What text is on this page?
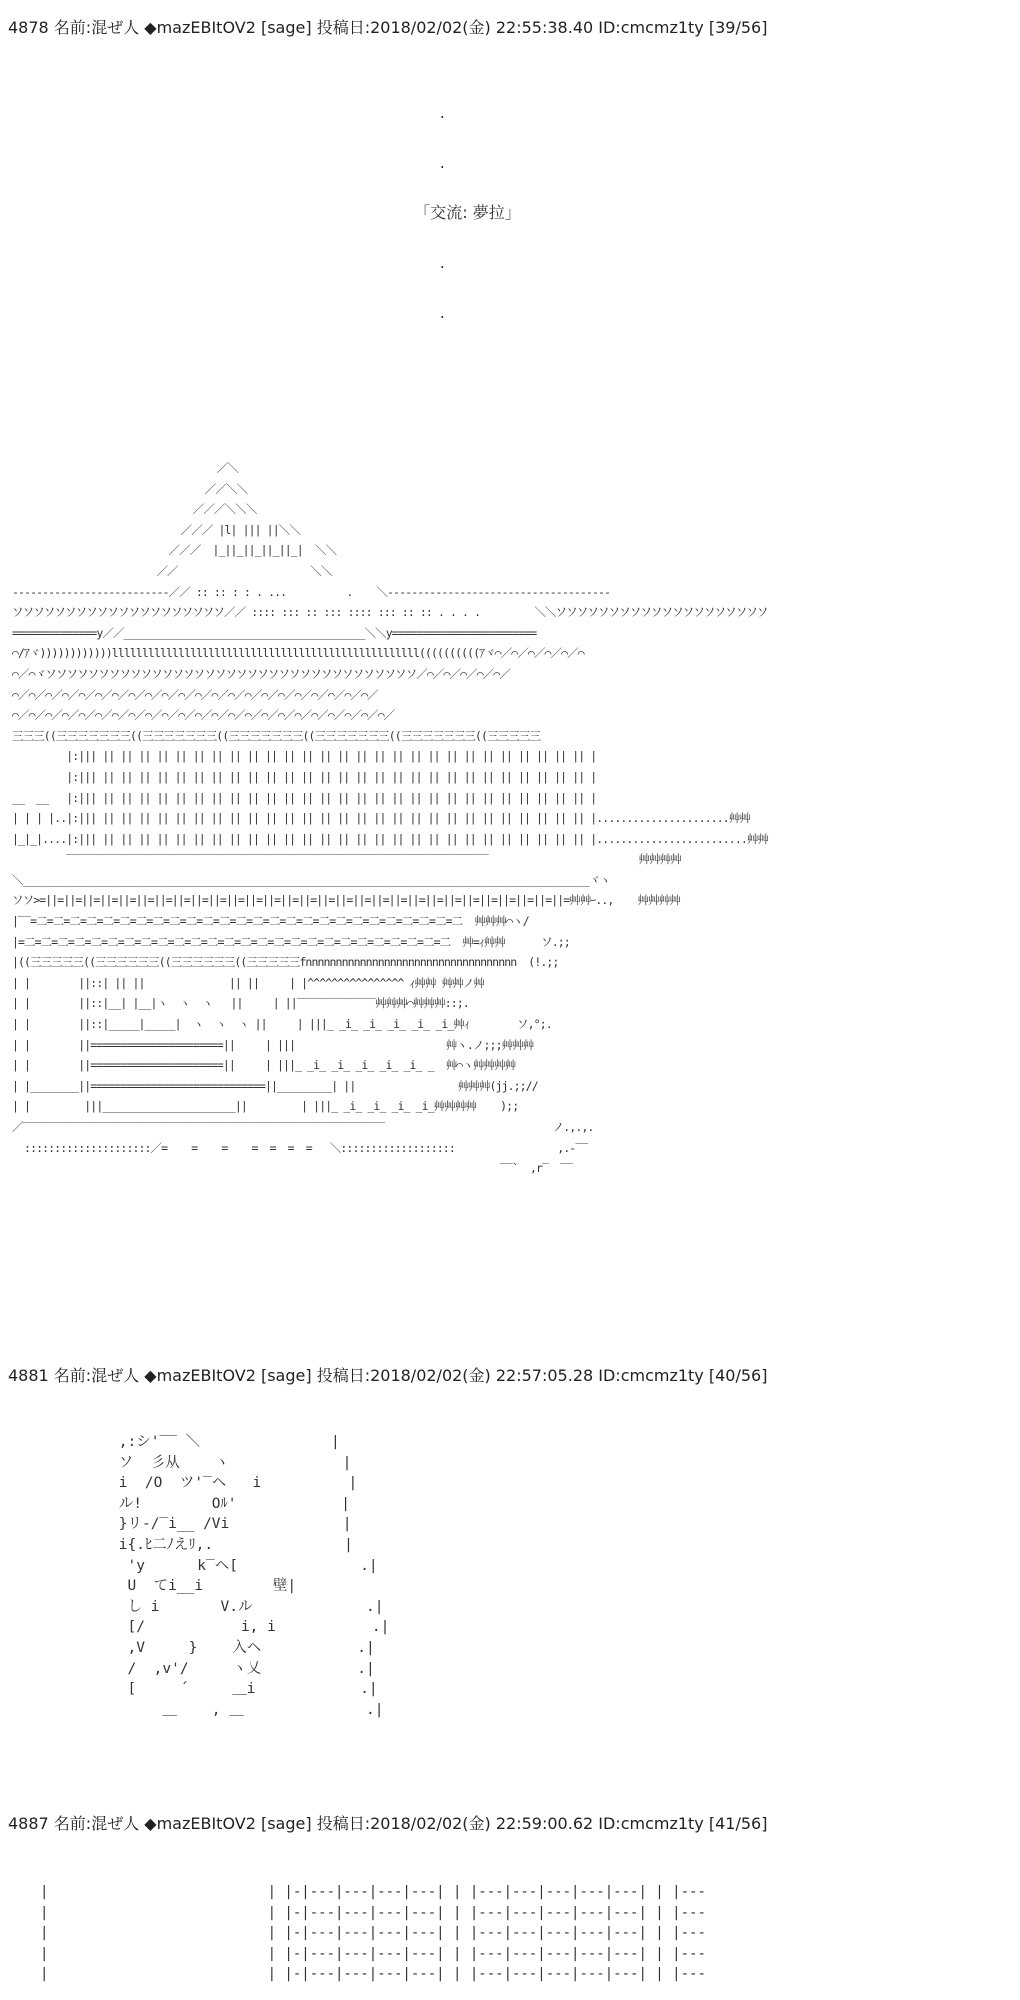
4878 名前:混ぜ人 ◆mazEBItOV2 [sage] 投稿日:2018/02/02(金) 22:55:38.40 ID:cmcmz1ty [39/56]
.

.

「交流: 夢拉」

.

.
／＼
／／＼＼
／／／＼＼＼
／／／ |l| ||| ||＼＼
／／／  |_||_||_||_||_|  ＼＼
／／                      ＼＼
--------------------------／／ :: :: : : . ...          .    ＼-------------------------------------
ソソソソソソソソソソソソソソソソソソソソ／／ :::: ::: :: ::: :::: ::: :: :: . . . .         ＼＼ソソソソソソソソソソソソソソソソソソソソ
==============y／／________________________________________＼＼y========================
⌒/ｱヾ))))))))))))lllllllllllllllllllllllllllllllllllllllllllllllllll((((((((((ｱヾ⌒／⌒／⌒／⌒／⌒／⌒
⌒／⌒ヾソソソソソソソソソソソソソソソソソソソソソソソソソソソソソソソソソソソ／⌒／⌒／⌒／⌒／⌒／
⌒／⌒／⌒／⌒／⌒／⌒／⌒／⌒／⌒／⌒／⌒／⌒／⌒／⌒／⌒／⌒／⌒／⌒／⌒／⌒／⌒／⌒／
⌒／⌒／⌒／⌒／⌒／⌒／⌒／⌒／⌒／⌒／⌒／⌒／⌒／⌒／⌒／⌒／⌒／⌒／⌒／⌒／⌒／⌒／⌒／
三三三((三三三三三三三((三三三三三三三((三三三三三三三((三三三三三三三((三三三三三三三((三三三三三
|:||| || || || || || || || || || || || || || || || || || || || || || || || || || || || |
|:||| || || || || || || || || || || || || || || || || || || || || || || || || || || || |
__  __   |:||| || || || || || || || || || || || || || || || || || || || || || || || || || || || |
| | | |..|:||| || || || || || || || || || || || || || || || || || || || || || || || || || || || |......................艸艸
|_|_|....|:||| || || || || || || || || || || || || || || || || || || || || || || || || || || || |.........................艸艸
‾‾‾‾‾‾‾‾‾‾‾‾‾‾‾‾‾‾‾‾‾‾‾‾‾‾‾‾‾‾‾‾‾‾‾‾‾‾‾‾‾‾‾‾‾‾‾‾‾‾‾‾‾‾‾‾‾‾‾‾‾‾‾‾‾‾‾‾‾‾                         艸艸艸艸
＼______________________________________________________________________________________________ヾヽ
ソソ>=||=||=||=||=||=||=||=||=||=||=||=||=||=||=||=||=||=||=||=||=||=||=||=||=||=||=||=||=||=艸艸ｰ..,    艸艸艸艸
|‾‾=二=二=二=二=二=二=二=二=二=二=二=二=二=二=二=二=二=二=二=二=二=二=二=二=二=二  艸艸艸⌒ヽ/
|=二=二=二=二=二=二=二=二=二=二=二=二=二=二=二=二=二=二=二=二=二=二=二=二=二=二  艸=ｨ艸艸      ソ.;;
|((三三三三三((三三三三三三((三三三三三三((三三三三三fnnnnnnnnnnnnnnnnnnnnnnnnnnnnnnnnnnn  (!.;;
| |        ||::| || ||              || ||     | |^^^^^^^^^^^^^^^^ ｨ艸艸 艸艸ノ艸
| |        ||::|__| |__|ヽ  ヽ  ヽ   ||     | ||‾‾‾‾‾‾‾‾‾‾‾‾‾艸艸艸⌒艸艸艸::;.
| |        ||::|_____|_____|  ヽ  ヽ  ヽ ||     | |||_ _i_ _i_ _i_ _i_ _i_艸ｨ        ソ,°;.
| |        ||======================||     | |||                         艸ヽ.ノ;;;艸艸艸
| |        ||======================||     | |||_ _i_ _i_ _i_ _i_ _i_ _  艸⌒ヽ艸艸艸艸
| |________||=============================||_________| ||                 艸艸艸(jj.;;//
| |         |||______________________||         | |||_ _i_ _i_ _i_ _i_艸艸艸艸    );;
／‾‾‾‾‾‾‾‾‾‾‾‾‾‾‾‾‾‾‾‾‾‾‾‾‾‾‾‾‾‾‾‾‾‾‾‾‾‾‾‾‾‾‾‾‾‾‾‾‾‾‾‾‾‾‾‾‾‾‾‾                            ノ.,.,.
:::::::::::::::::::::／=    =    =    =  =  =  =   ＼:::::::::::::::::::                 ,.-‾‾
‾‾`  ,r‾  ‾‾
4881 名前:混ぜ人 ◆mazEBItOV2 [sage] 投稿日:2018/02/02(金) 22:57:05.28 ID:cmcmz1ty [40/56]
,:シ'‾‾ ＼               |
ソ  彡从    ヽ             |
i  /O  ツ'‾ヘ   i          |
ル!        Oﾙ'            |
}リ-/‾i__ /Vi             |
i{.ﾋ二ﾉえﾘ,.               |
'y      k‾ヘ[              .|
U  てi__i        壁|
し i       V.ル             .|
[/           i, i           .|
,V     }    入ヘ           .|
/  ,v'/     ヽ乂           .|
[     ´     ＿i            .|
＿    , ＿              .|
4887 名前:混ぜ人 ◆mazEBItOV2 [sage] 投稿日:2018/02/02(金) 22:59:00.62 ID:cmcmz1ty [41/56]
|                          | |-|---|---|---|---| | |---|---|---|---|---| | |---
|                          | |-|---|---|---|---| | |---|---|---|---|---| | |---
|                          | |-|---|---|---|---| | |---|---|---|---|---| | |---
|                          | |-|---|---|---|---| | |---|---|---|---|---| | |---
|                          | |-|---|---|---|---| | |---|---|---|---|---| | |---
